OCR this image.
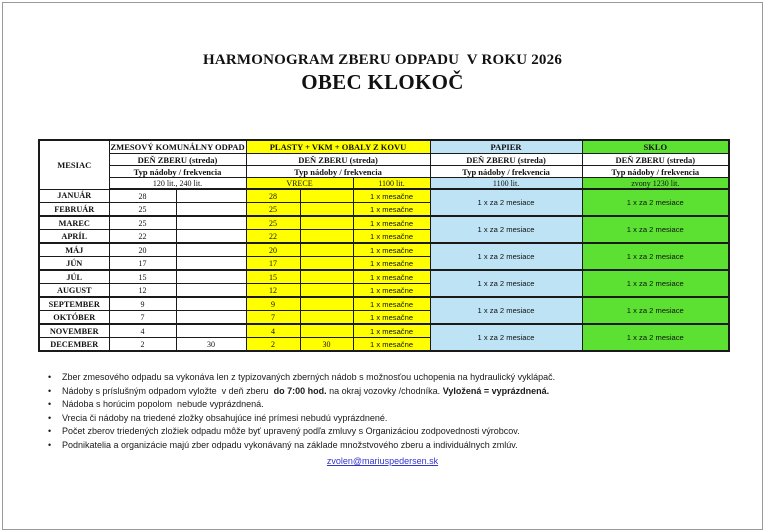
HARMONOGRAM ZBERU ODPADU  V ROKU 2026
OBEC KLOKOČ
MESIAC	ZMESOVÝ KOMUNÁLNY ODPAD		PLASTY + VKM + OBALY Z KOVU			PAPIER	SKLO
	DEŇ ZBERU (streda)		DEŇ ZBERU (streda)			DEŇ ZBERU (streda)	DEŇ ZBERU (streda)
	Typ nádoby / frekvencia		Typ nádoby / frekvencia			Typ nádoby / frekvencia	Typ nádoby / frekvencia
	120 lit., 240 lit.		VRECE		1100 lit.	1100 lit.	zvony 1230 lit.
JANUÁR	28		28		1 x mesačne	1 x za 2 mesiace	1 x za 2 mesiace
FEBRUÁR	25		25		1 x mesačne		
MAREC	25		25		1 x mesačne	1 x za 2 mesiace	1 x za 2 mesiace
APRÍL	22		22		1 x mesačne		
MÁJ	20		20		1 x mesačne	1 x za 2 mesiace	1 x za 2 mesiace
JÚN	17		17		1 x mesačne		
JÚL	15		15		1 x mesačne	1 x za 2 mesiace	1 x za 2 mesiace
AUGUST	12		12		1 x mesačne		
SEPTEMBER	9		9		1 x mesačne	1 x za 2 mesiace	1 x za 2 mesiace
OKTÓBER	7		7		1 x mesačne		
NOVEMBER	4		4		1 x mesačne	1 x za 2 mesiace	1 x za 2 mesiace
DECEMBER	2	30	2	30	1 x mesačne		
•	Zber zmesového odpadu sa vykonáva len z typizovaných zberných nádob s možnosťou uchopenia na hydraulický vyklápač.
•	Nádoby s príslušným odpadom vyložte  v deň zberu  do 7:00 hod. na okraj vozovky /chodníka. Vyložená = vyprázdnená.
•	Nádoba s horúcim popolom  nebude vyprázdnená.
•	Vrecia či nádoby na triedené zložky obsahujúce iné prímesi nebudú vyprázdnené.
•	Počet zberov triedených zložiek odpadu môže byť upravený podľa zmluvy s Organizáciou zodpovednosti výrobcov.
•	Podnikatelia a organizácie majú zber odpadu vykonávaný na základe množstvového zberu a individuálnych zmlúv.
zvolen@mariuspedersen.sk
